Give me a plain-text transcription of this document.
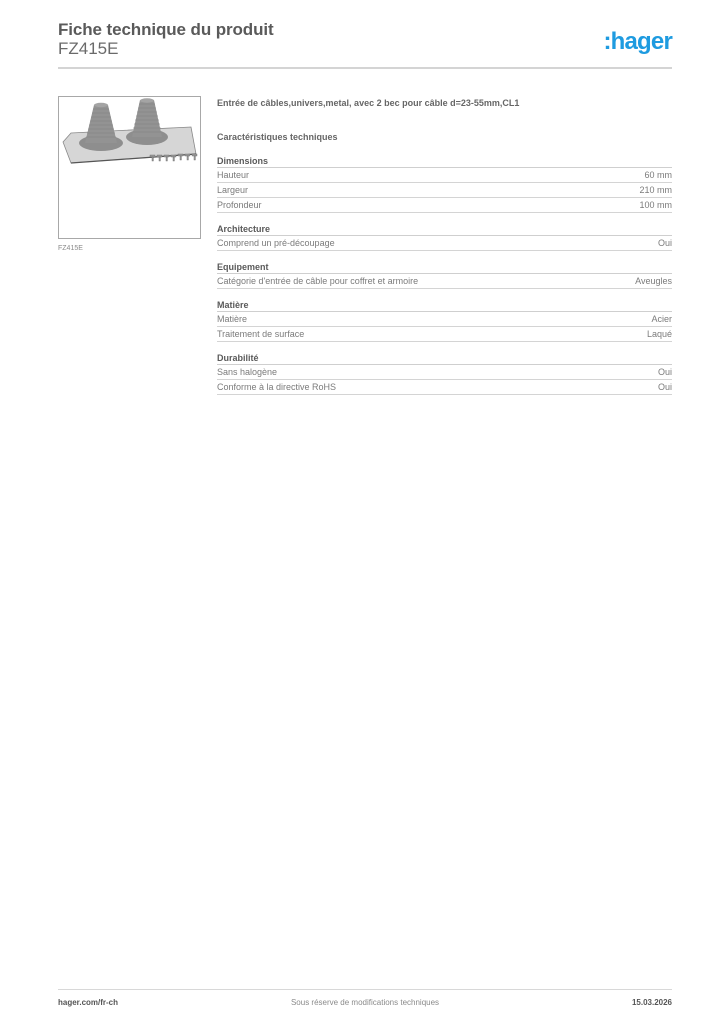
Fiche technique du produit
FZ415E	:hager
FZ415E
Entrée de câbles,univers,metal, avec 2 bec pour câble d=23-55mm,CL1
Caractéristiques techniques
Dimensions
Hauteur	60 mm
Largeur	210 mm
Profondeur	100 mm
Architecture
Comprend un pré-découpage	Oui
Equipement
Catégorie d'entrée de câble pour coffret et armoire	Aveugles
Matière
Matière	Acier
Traitement de surface	Laqué
Durabilité
Sans halogène	Oui
Conforme à la directive RoHS	Oui
Sous réserve de modifications techniques
hager.com/fr-ch	15.03.2026
